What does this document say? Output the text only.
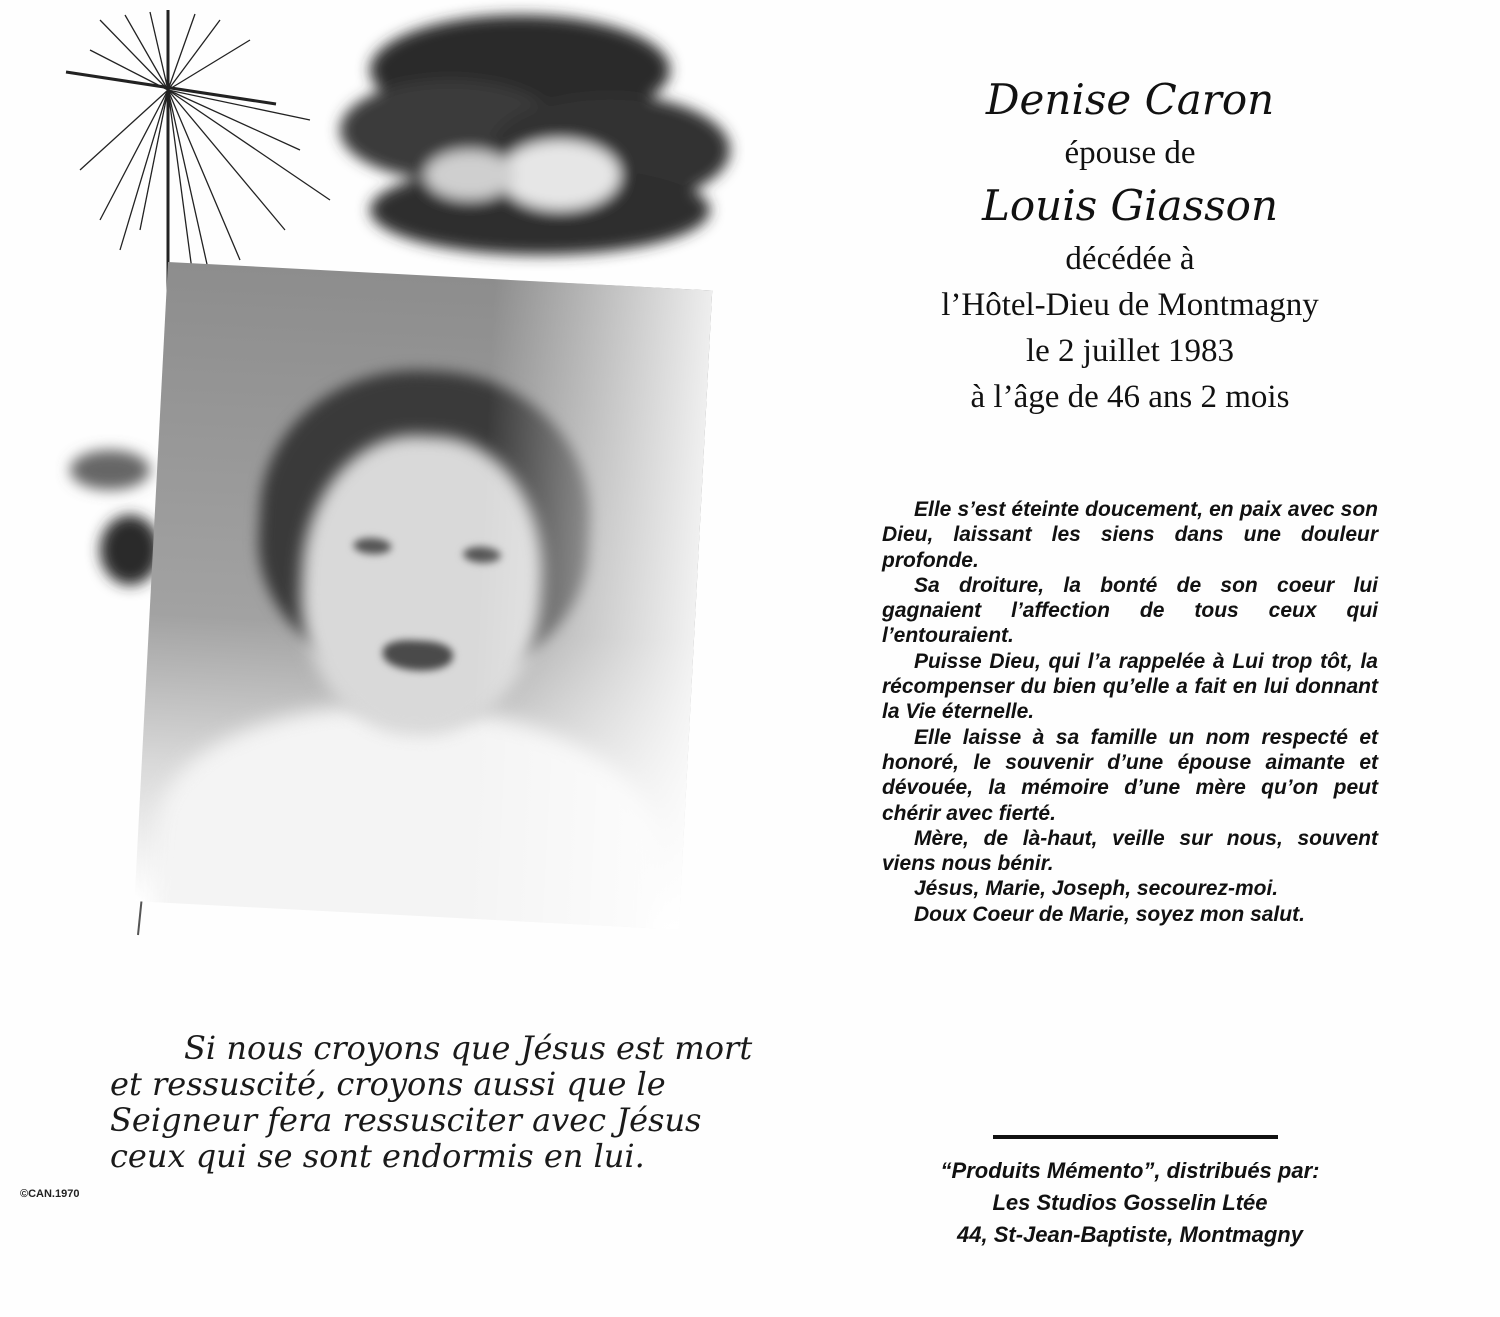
Si nous croyons que Jésus est mort
et ressuscité, croyons aussi que le
Seigneur fera ressusciter avec Jésus
ceux qui se sont endormis en lui.
©CAN.1970
Denise Caron
épouse de
Louis Giasson
décédée à
l’Hôtel-Dieu de Montmagny
le 2 juillet 1983
à l’âge de 46 ans 2 mois

Elle s’est éteinte doucement, en paix avec son Dieu, laissant les siens dans une douleur profonde.

Sa droiture, la bonté de son coeur lui gagnaient l’affection de tous ceux qui l’entouraient.

Puisse Dieu, qui l’a rappelée à Lui trop tôt, la récompenser du bien qu’elle a fait en lui donnant la Vie éternelle.

Elle laisse à sa famille un nom respecté et honoré, le souvenir d’une épouse aimante et dévouée, la mémoire d’une mère qu’on peut chérir avec fierté.

Mère, de là-haut, veille sur nous, souvent viens nous bénir.

Jésus, Marie, Joseph, secourez-moi.

Doux Coeur de Marie, soyez mon salut.

“Produits Mémento”, distribués par:
Les Studios Gosselin Ltée
44, St-Jean-Baptiste, Montmagny
